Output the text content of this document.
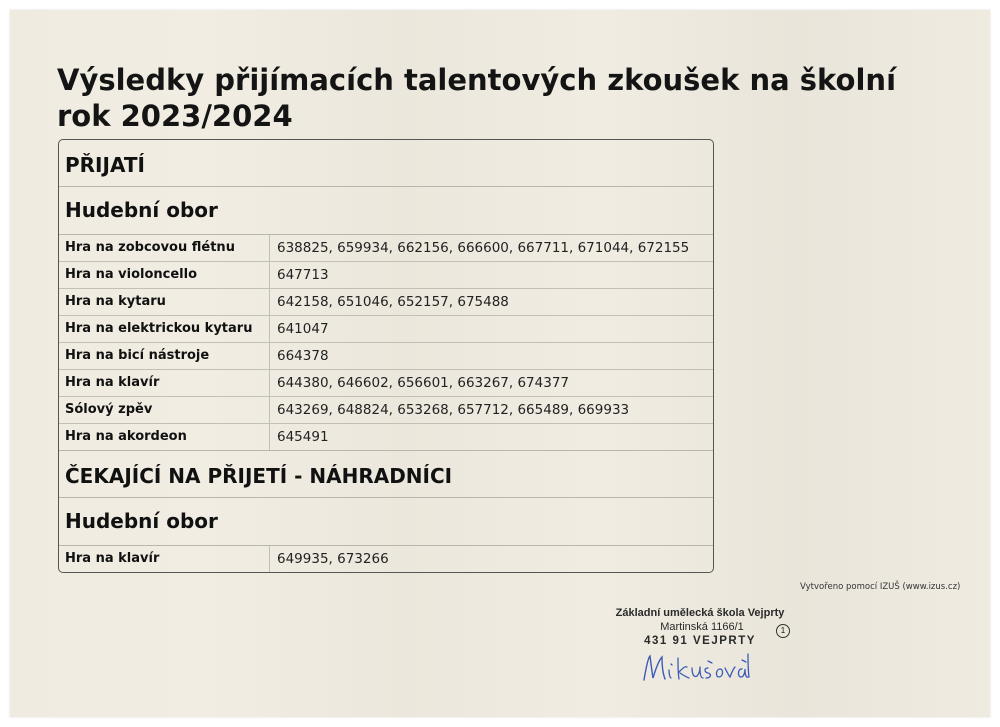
Výsledky přijímacích talentových zkoušek na školní rok 2023/2024
PŘIJATÍ
Hudební obor
Hra na zobcovou flétnu	638825, 659934, 662156, 666600, 667711, 671044, 672155
Hra na violoncello	647713
Hra na kytaru	642158, 651046, 652157, 675488
Hra na elektrickou kytaru	641047
Hra na bicí nástroje	664378
Hra na klavír	644380, 646602, 656601, 663267, 674377
Sólový zpěv	643269, 648824, 653268, 657712, 665489, 669933
Hra na akordeon	645491
ČEKAJÍCÍ NA PŘIJETÍ - NÁHRADNÍCI
Hudební obor
Hra na klavír	649935, 673266
Vytvořeno pomocí IZUŠ (www.izus.cz)
Základní umělecká škola Vejprty
Martinská 1166/1
431 91 VEJPRTY
1
